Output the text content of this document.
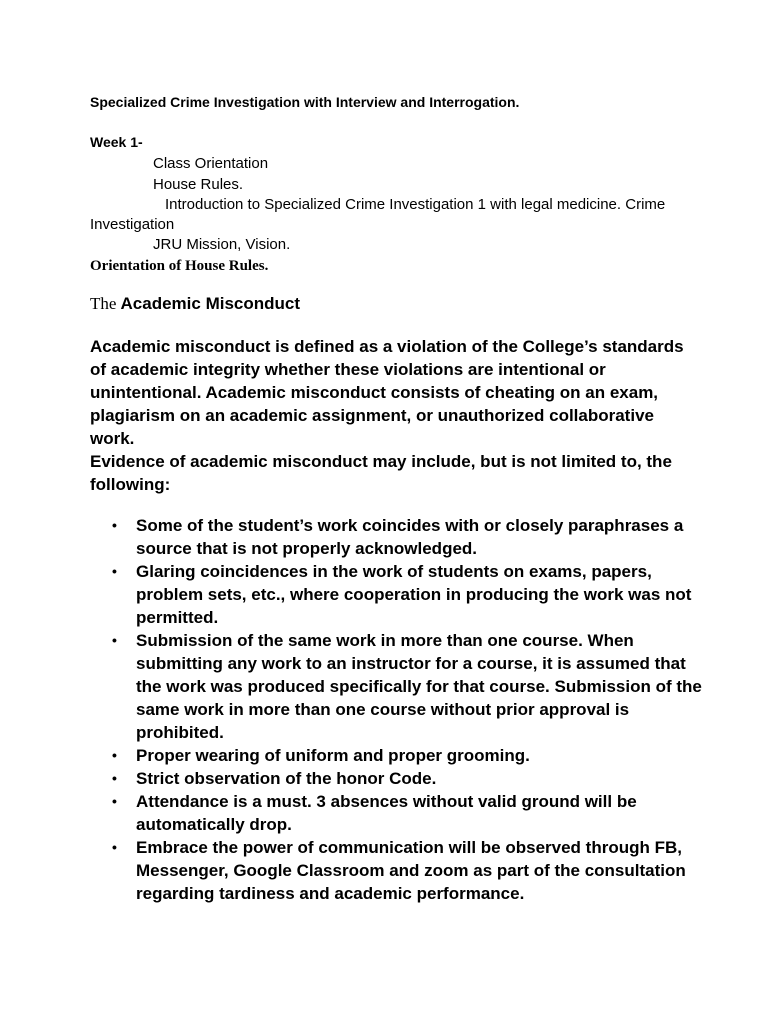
Specialized Crime Investigation with Interview and Interrogation.
Week 1-
Class Orientation
House Rules.
Introduction to Specialized Crime Investigation 1 with legal medicine. Crime Investigation
JRU Mission, Vision.
Orientation of House Rules.
The Academic Misconduct

Academic misconduct is defined as a violation of the College’s standards of academic integrity whether these violations are intentional or unintentional. Academic misconduct consists of cheating on an exam, plagiarism on an academic assignment, or unauthorized collaborative work.

Evidence of academic misconduct may include, but is not limited to, the following:

• Some of the student’s work coincides with or closely paraphrases a source that is not properly acknowledged.
• Glaring coincidences in the work of students on exams, papers, problem sets, etc., where cooperation in producing the work was not permitted.
• Submission of the same work in more than one course. When submitting any work to an instructor for a course, it is assumed that the work was produced specifically for that course. Submission of the same work in more than one course without prior approval is prohibited.
• Proper wearing of uniform and proper grooming.
• Strict observation of the honor Code.
• Attendance is a must. 3 absences without valid ground will be automatically drop.
• Embrace the power of communication will be observed through FB, Messenger, Google Classroom and zoom as part of the consultation regarding tardiness and academic performance.
